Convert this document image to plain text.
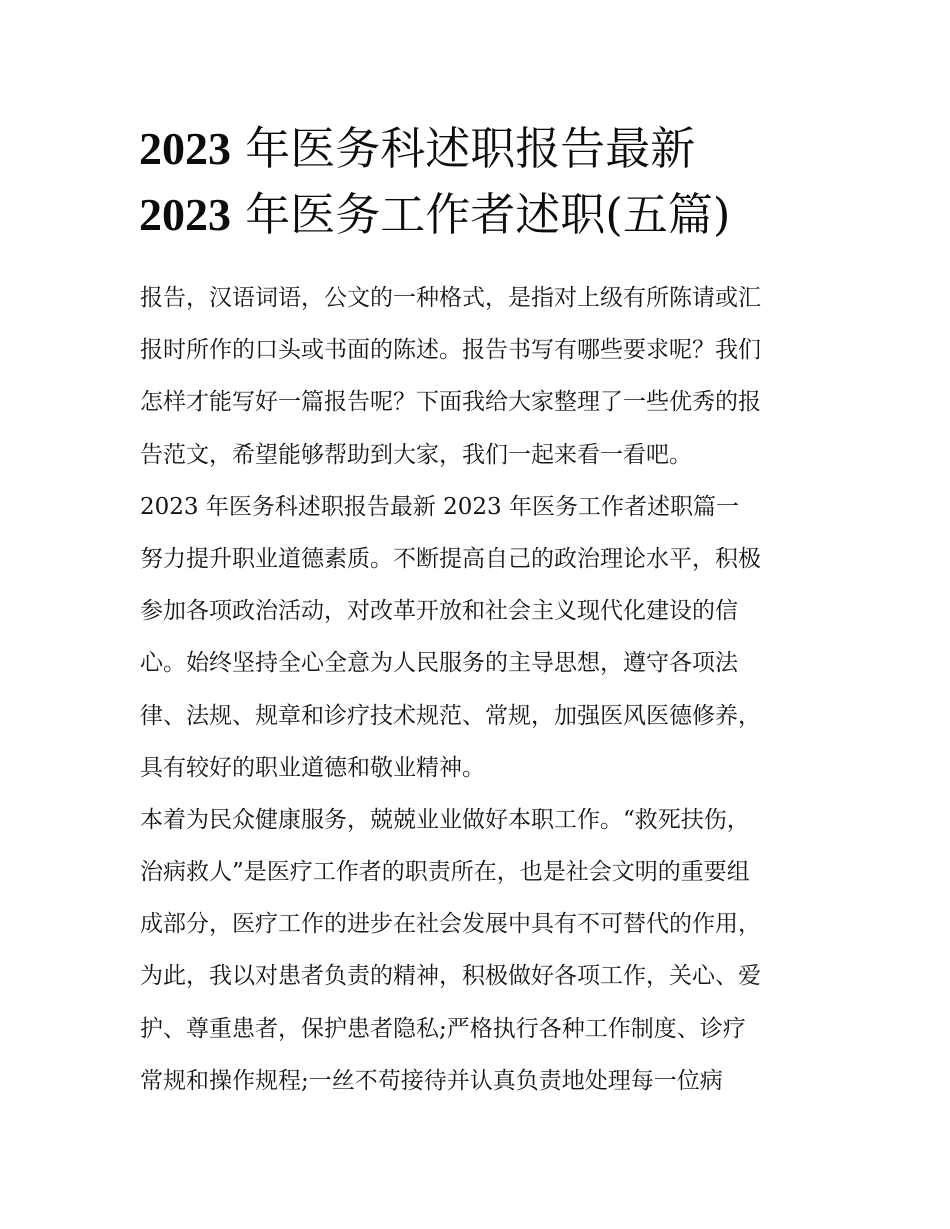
2023 年医务科述职报告最新
2023 年医务工作者述职(五篇)
报告，汉语词语，公文的一种格式，是指对上级有所陈请或汇
报时所作的口头或书面的陈述。报告书写有哪些要求呢？我们
怎样才能写好一篇报告呢？下面我给大家整理了一些优秀的报
告范文，希望能够帮助到大家，我们一起来看一看吧。
2023 年医务科述职报告最新 2023 年医务工作者述职篇一
努力提升职业道德素质。不断提高自己的政治理论水平，积极
参加各项政治活动，对改革开放和社会主义现代化建设的信
心。始终坚持全心全意为人民服务的主导思想，遵守各项法
律、法规、规章和诊疗技术规范、常规，加强医风医德修养，
具有较好的职业道德和敬业精神。
本着为民众健康服务，兢兢业业做好本职工作。“救死扶伤，
治病救人”是医疗工作者的职责所在，也是社会文明的重要组
成部分，医疗工作的进步在社会发展中具有不可替代的作用，
为此，我以对患者负责的精神，积极做好各项工作，关心、爱
护、尊重患者，保护患者隐私;严格执行各种工作制度、诊疗
常规和操作规程;一丝不苟接待并认真负责地处理每一位病
